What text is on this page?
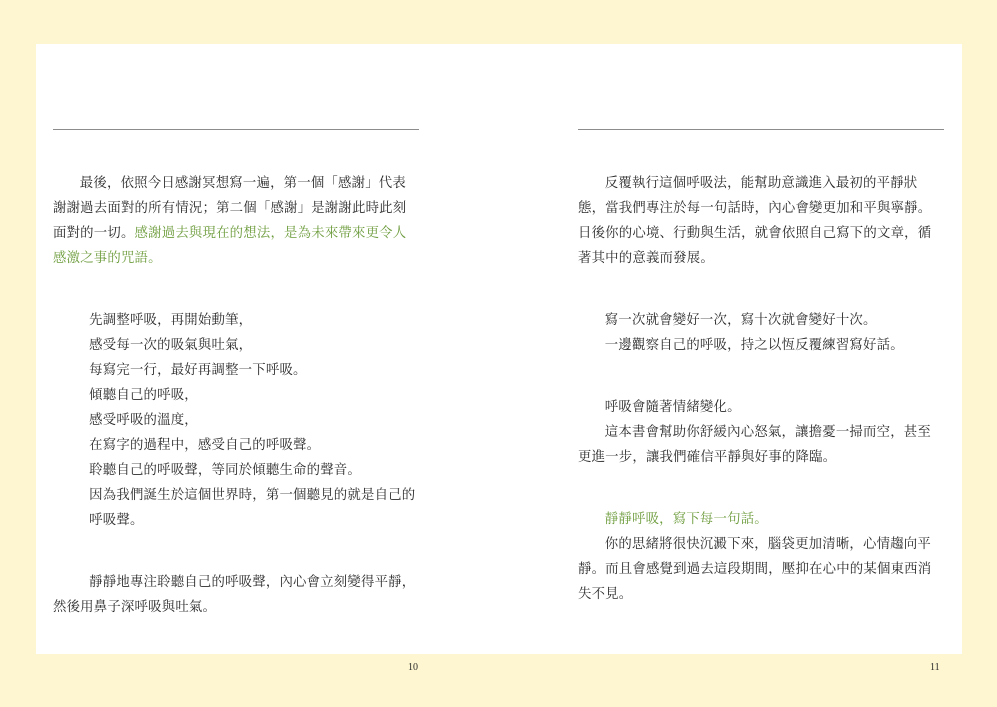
最後，依照今日感謝冥想寫一遍，第一個「感謝」代表謝謝過去面對的所有情況；第二個「感謝」是謝謝此時此刻面對的一切。感謝過去與現在的想法，是為未來帶來更令人感激之事的咒語。

先調整呼吸，再開始動筆，

感受每一次的吸氣與吐氣，

每寫完一行，最好再調整一下呼吸。

傾聽自己的呼吸，

感受呼吸的溫度，

在寫字的過程中，感受自己的呼吸聲。

聆聽自己的呼吸聲，等同於傾聽生命的聲音。

因為我們誕生於這個世界時，第一個聽見的就是自己的呼吸聲。

靜靜地專注聆聽自己的呼吸聲，內心會立刻變得平靜，然後用鼻子深呼吸與吐氣。

反覆執行這個呼吸法，能幫助意識進入最初的平靜狀態，當我們專注於每一句話時，內心會變更加和平與寧靜。日後你的心境、行動與生活，就會依照自己寫下的文章，循著其中的意義而發展。

寫一次就會變好一次，寫十次就會變好十次。

一邊觀察自己的呼吸，持之以恆反覆練習寫好話。

呼吸會隨著情緒變化。

這本書會幫助你舒緩內心怒氣，讓擔憂一掃而空，甚至更進一步，讓我們確信平靜與好事的降臨。

靜靜呼吸，寫下每一句話。

你的思緒將很快沉澱下來，腦袋更加清晰，心情趨向平靜。而且會感覺到過去這段期間，壓抑在心中的某個東西消失不見。

10	11
